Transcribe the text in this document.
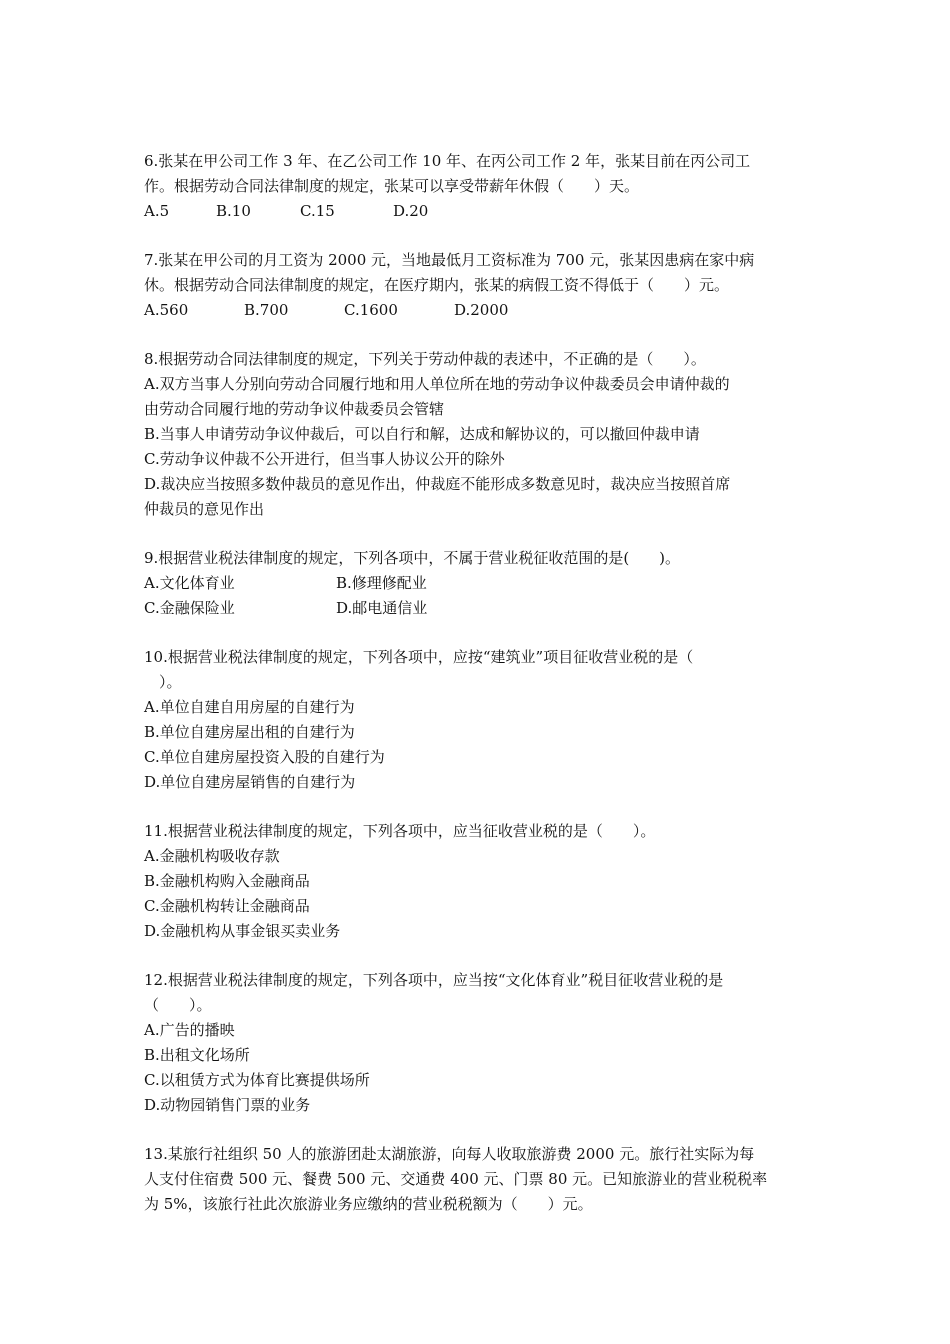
6.张某在甲公司工作 3 年、在乙公司工作 10 年、在丙公司工作 2 年，张某目前在丙公司工
作。根据劳动合同法律制度的规定，张某可以享受带薪年休假（　　）天。
A.5	B.10	C.15	D.20
7.张某在甲公司的月工资为 2000 元，当地最低月工资标准为 700 元，张某因患病在家中病
休。根据劳动合同法律制度的规定，在医疗期内，张某的病假工资不得低于（　　）元。
A.560	B.700	C.1600	D.2000
8.根据劳动合同法律制度的规定，下列关于劳动仲裁的表述中，不正确的是（　　）。
A.双方当事人分别向劳动合同履行地和用人单位所在地的劳动争议仲裁委员会申请仲裁的
由劳动合同履行地的劳动争议仲裁委员会管辖
B.当事人申请劳动争议仲裁后，可以自行和解，达成和解协议的，可以撤回仲裁申请
C.劳动争议仲裁不公开进行，但当事人协议公开的除外
D.裁决应当按照多数仲裁员的意见作出，仲裁庭不能形成多数意见时，裁决应当按照首席
仲裁员的意见作出
9.根据营业税法律制度的规定，下列各项中，不属于营业税征收范围的是(　　)。
A.文化体育业	B.修理修配业
C.金融保险业	D.邮电通信业
10.根据营业税法律制度的规定，下列各项中，应按“建筑业”项目征收营业税的是（
　）。
A.单位自建自用房屋的自建行为
B.单位自建房屋出租的自建行为
C.单位自建房屋投资入股的自建行为
D.单位自建房屋销售的自建行为
11.根据营业税法律制度的规定，下列各项中，应当征收营业税的是（　　）。
A.金融机构吸收存款
B.金融机构购入金融商品
C.金融机构转让金融商品
D.金融机构从事金银买卖业务
12.根据营业税法律制度的规定，下列各项中，应当按“文化体育业”税目征收营业税的是
（　　）。
A.广告的播映
B.出租文化场所
C.以租赁方式为体育比赛提供场所
D.动物园销售门票的业务
13.某旅行社组织 50 人的旅游团赴太湖旅游，向每人收取旅游费 2000 元。旅行社实际为每
人支付住宿费 500 元、餐费 500 元、交通费 400 元、门票 80 元。已知旅游业的营业税税率
为 5%，该旅行社此次旅游业务应缴纳的营业税税额为（　　）元。
